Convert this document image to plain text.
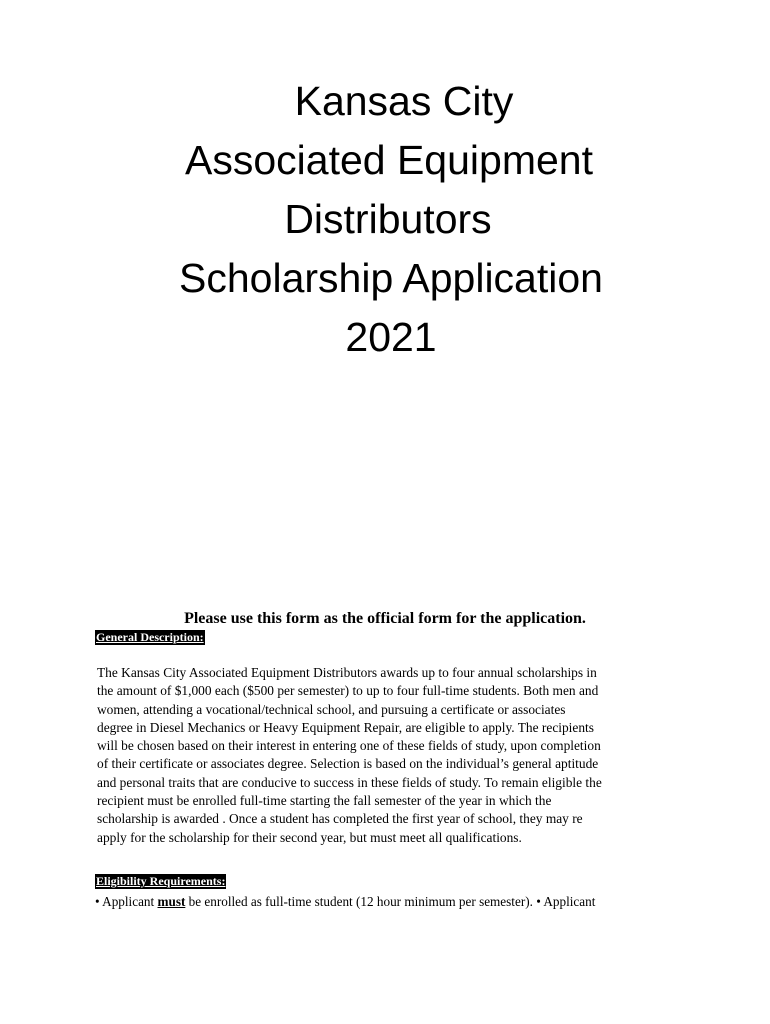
Kansas City
Associated Equipment
Distributors
Scholarship Application
2021
Please use this form as the official form for the application.
General Description:
The Kansas City Associated Equipment Distributors awards up to four annual scholarships in
the amount of $1,000 each ($500 per semester) to up to four full-time students. Both men and
women, attending a vocational/technical school, and pursuing a certificate or associates
degree in Diesel Mechanics or Heavy Equipment Repair, are eligible to apply. The recipients
will be chosen based on their interest in entering one of these fields of study, upon completion
of their certificate or associates degree. Selection is based on the individual’s general aptitude
and personal traits that are conducive to success in these fields of study. To remain eligible the
recipient must be enrolled full-time starting the fall semester of the year in which the
scholarship is awarded . Once a student has completed the first year of school, they may re
apply for the scholarship for their second year, but must meet all qualifications.
Eligibility Requirements:
• Applicant must be enrolled as full-time student (12 hour minimum per semester). • Applicant
